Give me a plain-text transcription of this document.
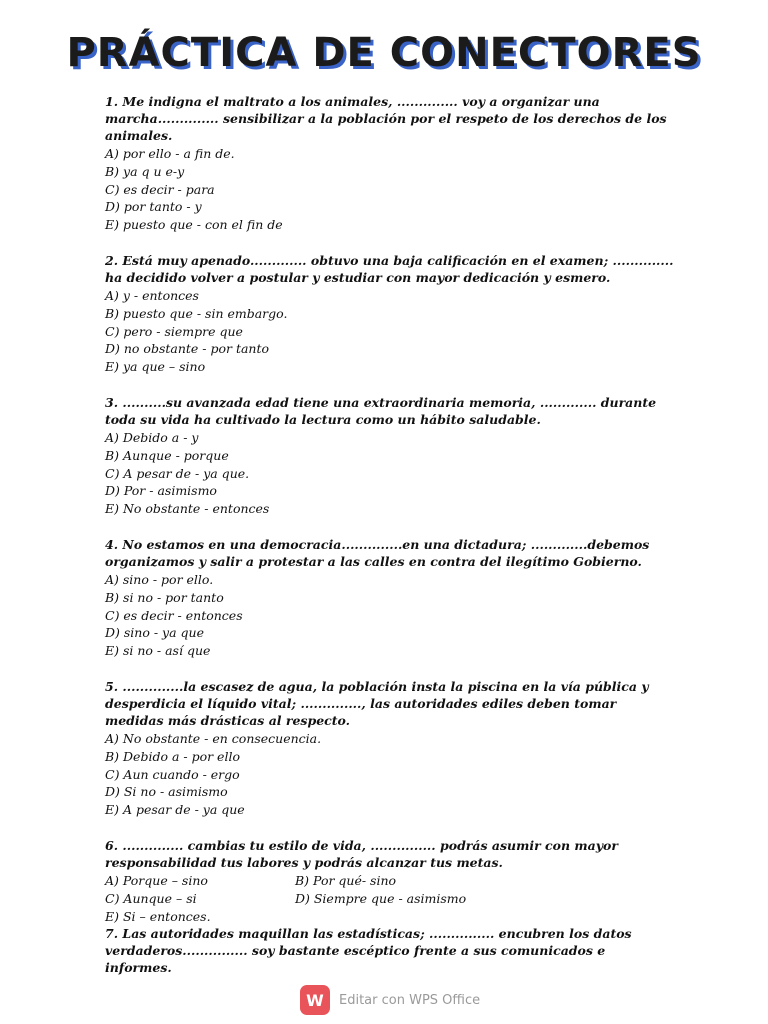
PRÁCTICA DE CONECTORES

1. Me indigna el maltrato a los animales, .............. voy a organizar una marcha.............. sensibilizar a la población por el respeto de los derechos de los animales.

A) por ello - a fin de.
B) ya q u e-y
C) es decir - para
D) por tanto - y
E) puesto que - con el fin de

2. Está muy apenado............. obtuvo una baja calificación en el examen; .............. ha decidido volver a postular y estudiar con mayor dedicación y esmero.

A) y - entonces
B) puesto que - sin embargo.
C) pero - siempre que
D) no obstante - por tanto
E) ya que – sino

3. ..........su avanzada edad tiene una extraordinaria memoria, ............. durante toda su vida ha cultivado la lectura como un hábito saludable.

A) Debido a - y
B) Aunque - porque
C) A pesar de - ya que.
D) Por - asimismo
E) No obstante - entonces

4. No estamos en una democracia..............en una dictadura; .............debemos organizamos y salir a protestar a las calles en contra del ilegítimo Gobierno.

A) sino - por ello.
B) si no - por tanto
C) es decir - entonces
D) sino - ya que
E) si no - así que

5. ..............la escasez de agua, la población insta la piscina en la vía pública y desperdicia el líquido vital; .............., las autoridades ediles deben tomar medidas más drásticas al respecto.

A) No obstante - en consecuencia.
B) Debido a - por ello
C) Aun cuando - ergo
D) Si no - asimismo
E) A pesar de - ya que

6. .............. cambias tu estilo de vida, ............... podrás asumir con mayor responsabilidad tus labores y podrás alcanzar tus metas.

A) Porque – sino	B) Por qué- sino
C) Aunque – si	D) Siempre que - asimismo
E) Si – entonces.

7. Las autoridades maquillan las estadísticas; ............... encubren los datos verdaderos............... soy bastante escéptico frente a sus comunicados e informes.

W Editar con WPS Office
